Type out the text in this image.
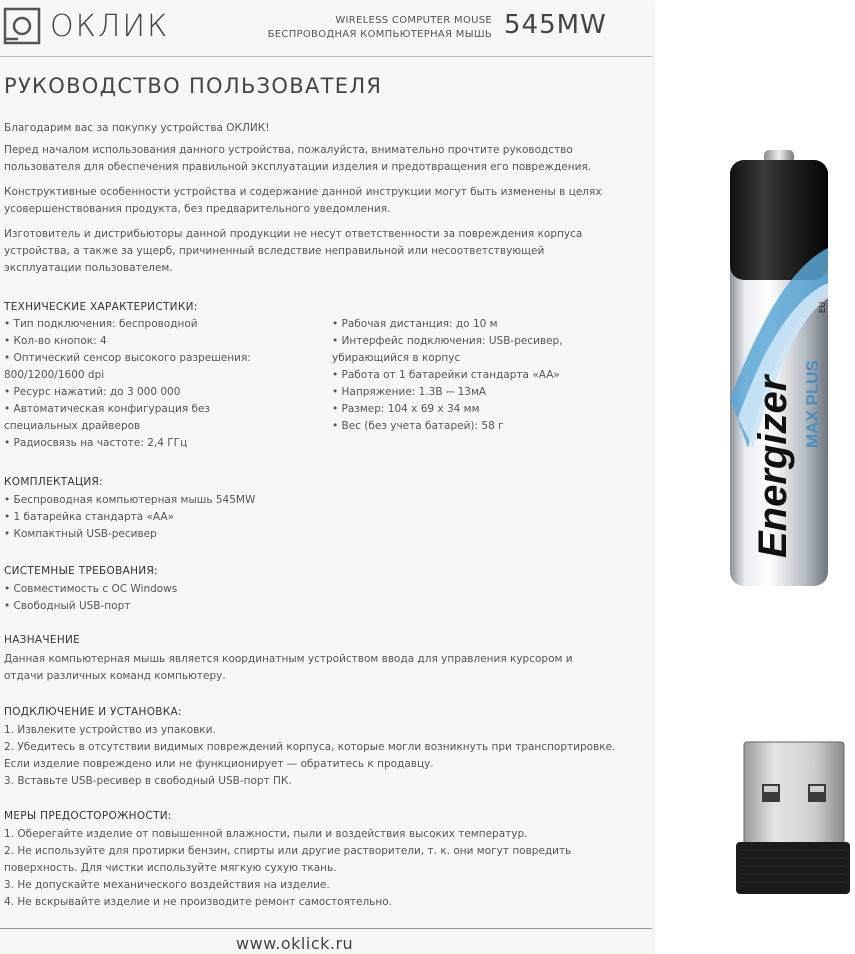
ОКЛИК	WIRELESS COMPUTER MOUSE
БЕСПРОВОДНАЯ КОМПЬЮТЕРНАЯ МЫШЬ 545MW
РУКОВОДСТВО ПОЛЬЗОВАТЕЛЯ

Благодарим вас за покупку устройства ОКЛИК!

Перед началом использования данного устройства, пожалуйста, внимательно прочтите руководство пользователя для обеспечения правильной эксплуатации изделия и предотвращения его повреждения.

Конструктивные особенности устройства и содержание данной инструкции могут быть изменены в целях усовершенствования продукта, без предварительного уведомления.

Изготовитель и дистрибьюторы данной продукции не несут ответственности за повреждения корпуса устройства, а также за ущерб, причиненный вследствие неправильной или несоответствующей эксплуатации пользователем.

ТЕХНИЧЕСКИЕ ХАРАКТЕРИСТИКИ:

• Тип подключения: беспроводной
• Кол-во кнопок: 4
• Оптический сенсор высокого разрешения:
800/1200/1600 dpi
• Ресурс нажатий: до 3 000 000
• Автоматическая конфигурация без
специальных драйверов
• Радиосвязь на частоте: 2,4 ГГц
• Рабочая дистанция: до 10 м
• Интерфейс подключения: USB-ресивер,
убирающийся в корпус
• Работа от 1 батарейки стандарта «AA»
• Напряжение: 1.3В ⎓ 13мА
• Размер: 104 х 69 х 34 мм
• Вес (без учета батарей): 58 г

КОМПЛЕКТАЦИЯ:

• Беспроводная компьютерная мышь 545MW
• 1 батарейка стандарта «AA»
• Компактный USB-ресивер

СИСТЕМНЫЕ ТРЕБОВАНИЯ:

• Совместимость с ОС Windows
• Свободный USB-порт

НАЗНАЧЕНИЕ

Данная компьютерная мышь является координатным устройством ввода для управления курсором и отдачи различных команд компьютеру.

ПОДКЛЮЧЕНИЕ И УСТАНОВКА:

1. Извлеките устройство из упаковки.
2. Убедитесь в отсутствии видимых повреждений корпуса, которые могли возникнуть при транспортировке.
Если изделие повреждено или не функционирует — обратитесь к продавцу.
3. Вставьте USB-ресивер в свободный USB-порт ПК.

МЕРЫ ПРЕДОСТОРОЖНОСТИ:

1. Оберегайте изделие от повышенной влажности, пыли и воздействия высоких температур.
2. Не используйте для протирки бензин, спирты или другие растворители, т. к. они могут повредить
поверхность. Для чистки используйте мягкую сухую ткань.
3. Не допускайте механического воздействия на изделие.
4. Не вскрывайте изделие и не производите ремонт самостоятельно.
www.oklick.ru
Energizer MAX PLUS
EU
